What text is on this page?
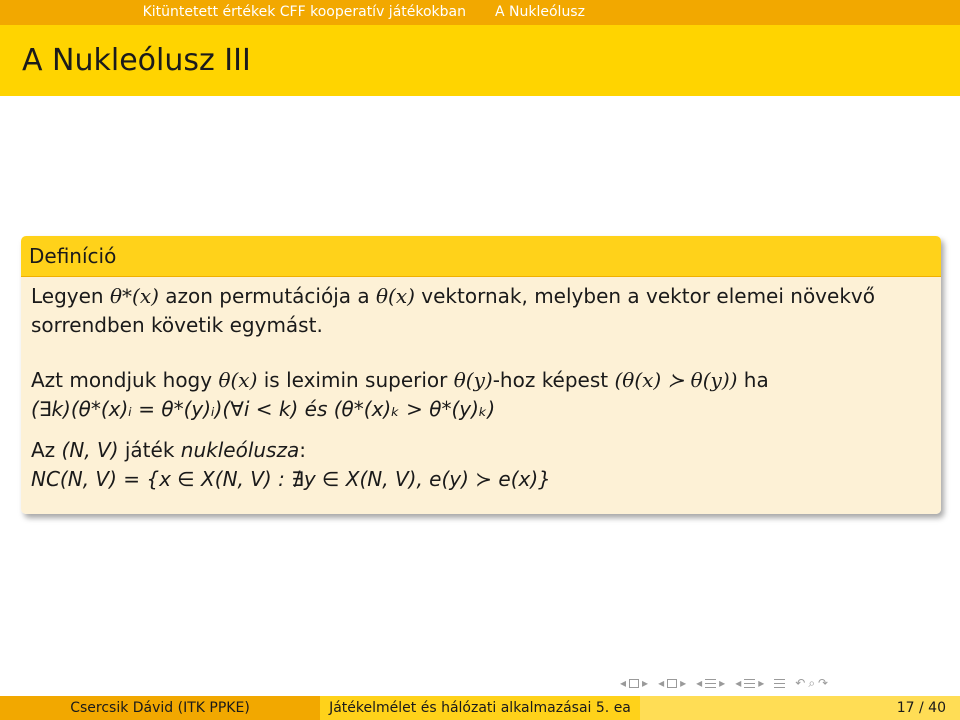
Kitüntetett értékek CFF kooperatív játékokban A Nukleólusz
A Nukleólusz III
Definíció

Legyen θ*(x) azon permutációja a θ(x) vektornak, melyben a vektor elemei növekvő sorrendben követik egymást.

Azt mondjuk hogy θ(x) is leximin superior θ(y)-hoz képest (θ(x) ≻ θ(y)) ha

(∃k)(θ*(x)ᵢ = θ*(y)ᵢ)(∀i < k) és (θ*(x)ₖ > θ*(y)ₖ)

Az (N, V) játék nukleólusza:

NC(N, V) = {x ∈ X(N, V) : ∄y ∈ X(N, V), e(y) ≻ e(x)}

◂ ▸ ◂ ▸ ◂ ▸ ◂ ▸	↶ ⌕ ↷
Csercsik Dávid (ITK PPKE)	Játékelmélet és hálózati alkalmazásai 5. ea	17 / 40
